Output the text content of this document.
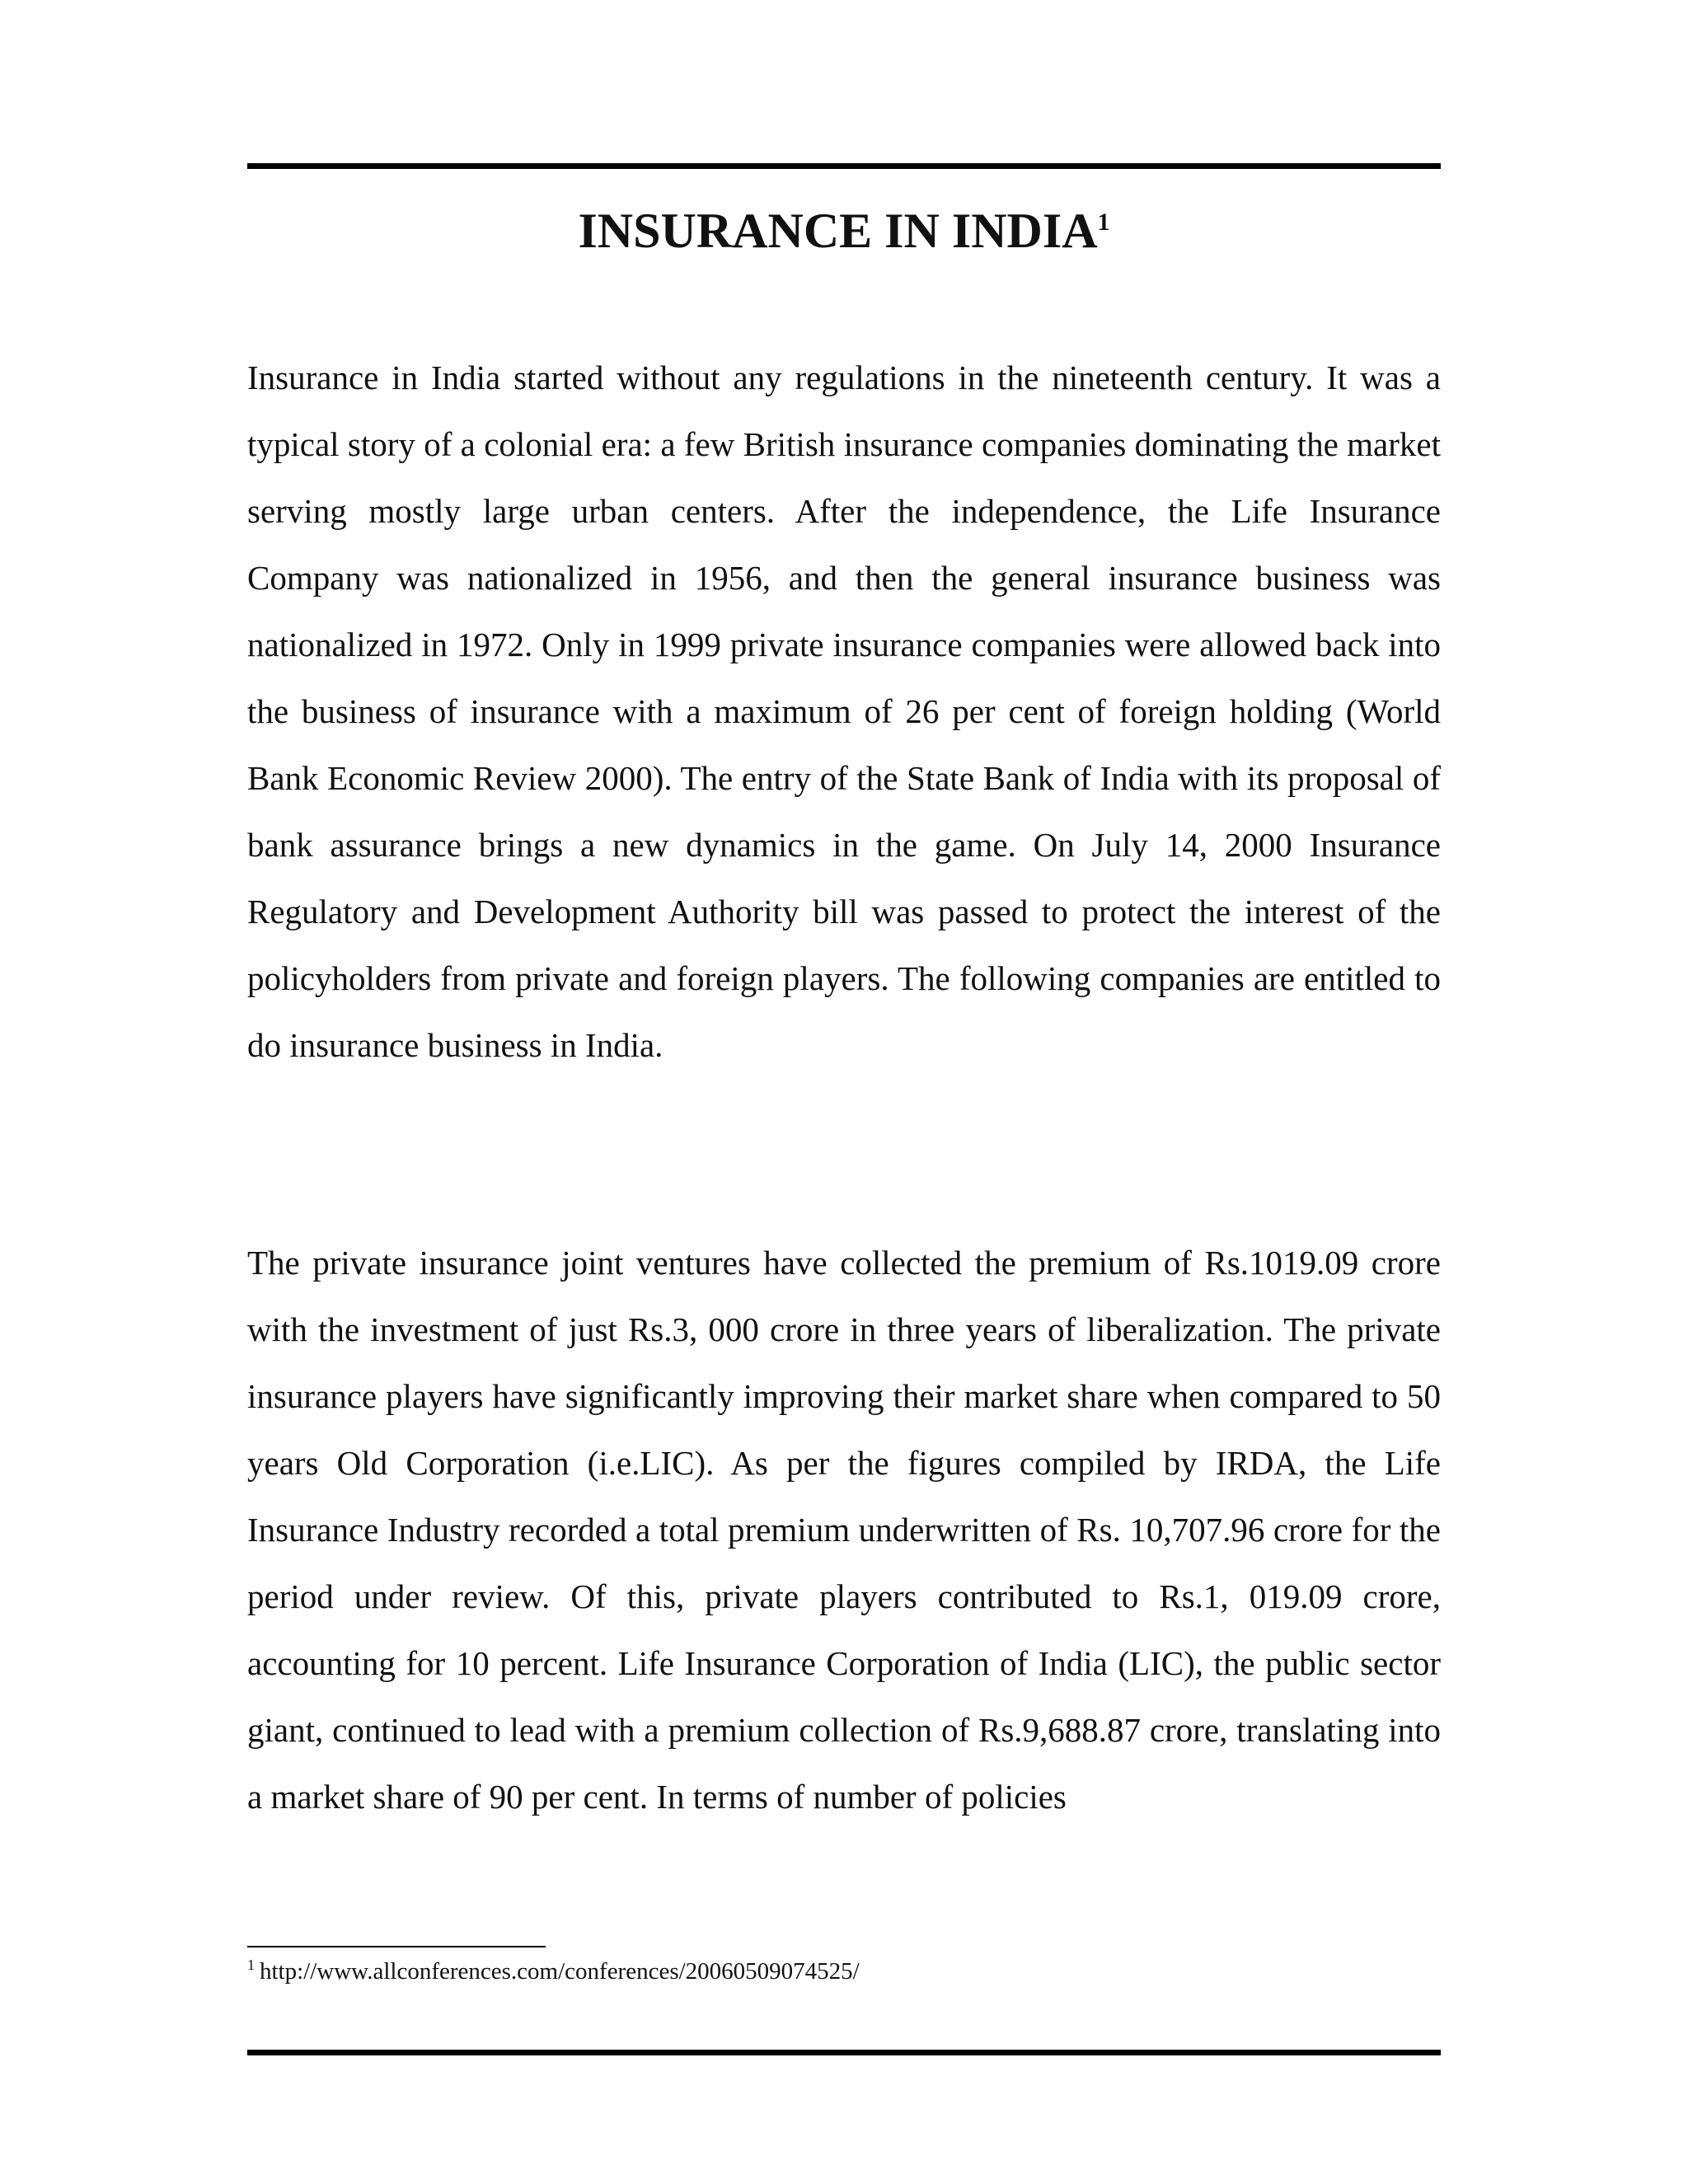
INSURANCE IN INDIA$^1$

Insurance in India started without any regulations in the nineteenth century. It was a typical story of a colonial era: a few British insurance companies dominating the market serving mostly large urban centers. After the independence, the Life Insurance Company was nationalized in 1956, and then the general insurance business was nationalized in 1972. Only in 1999 private insurance companies were allowed back into the business of insurance with a maximum of 26 per cent of foreign holding (World Bank Economic Review 2000). The entry of the State Bank of India with its proposal of bank assurance brings a new dynamics in the game. On July 14, 2000 Insurance Regulatory and Development Authority bill was passed to protect the interest of the policyholders from private and foreign players. The following companies are entitled to do insurance business in India.

The private insurance joint ventures have collected the premium of Rs.1019.09 crore with the investment of just Rs.3, 000 crore in three years of liberalization. The private insurance players have significantly improving their market share when compared to 50 years Old Corporation (i.e.LIC). As per the figures compiled by IRDA, the Life Insurance Industry recorded a total premium underwritten of Rs. 10,707.96 crore for the period under review. Of this, private players contributed to Rs.1, 019.09 crore, accounting for 10 percent. Life Insurance Corporation of India (LIC), the public sector giant, continued to lead with a premium collection of Rs.9,688.87 crore, translating into a market share of 90 per cent. In terms of number of policies

$^1$ http://www.allconferences.com/conferences/20060509074525/
